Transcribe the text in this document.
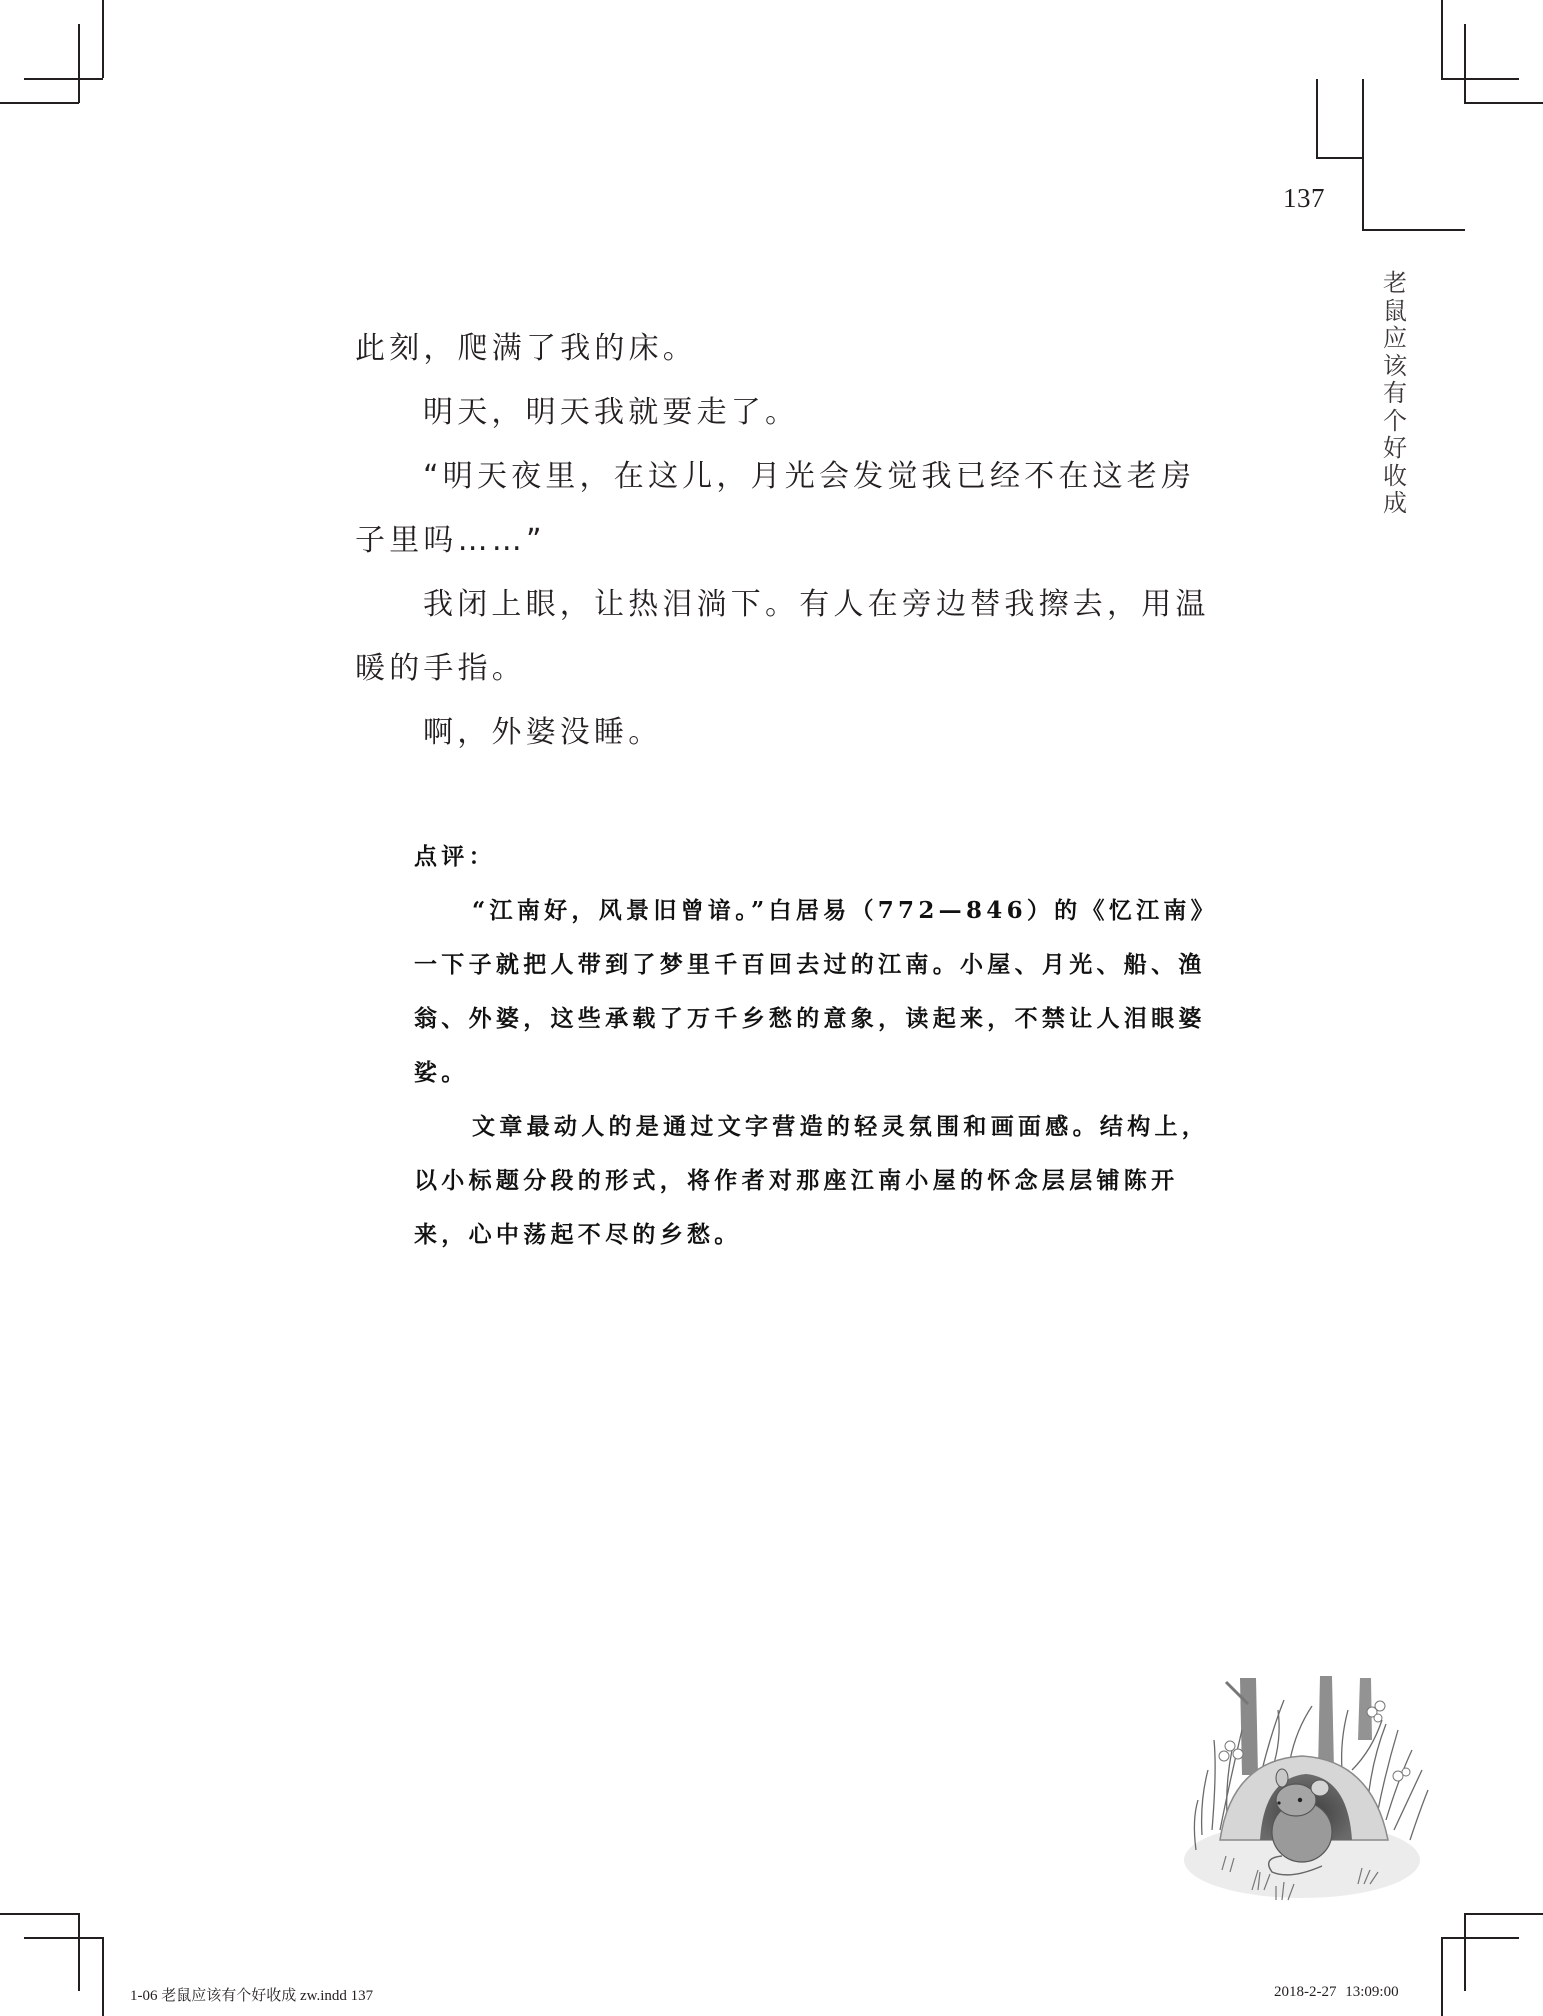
137
老鼠应该有个好收成

此刻，爬满了我的床。

明天，明天我就要走了。

“明天夜里，在这儿，月光会发觉我已经不在这老房子里吗……”

我闭上眼，让热泪淌下。有人在旁边替我擦去，用温暖的手指。

啊，外婆没睡。

点评：

“江南好，风景旧曾谙。”白居易（772—846）的《忆江南》一下子就把人带到了梦里千百回去过的江南。小屋、月光、船、渔翁、外婆，这些承载了万千乡愁的意象，读起来，不禁让人泪眼婆娑。

文章最动人的是通过文字营造的轻灵氛围和画面感。结构上，以小标题分段的形式，将作者对那座江南小屋的怀念层层铺陈开来，心中荡起不尽的乡愁。

1-06 老鼠应该有个好收成 zw.indd 137	2018-2-27 13:09:00
